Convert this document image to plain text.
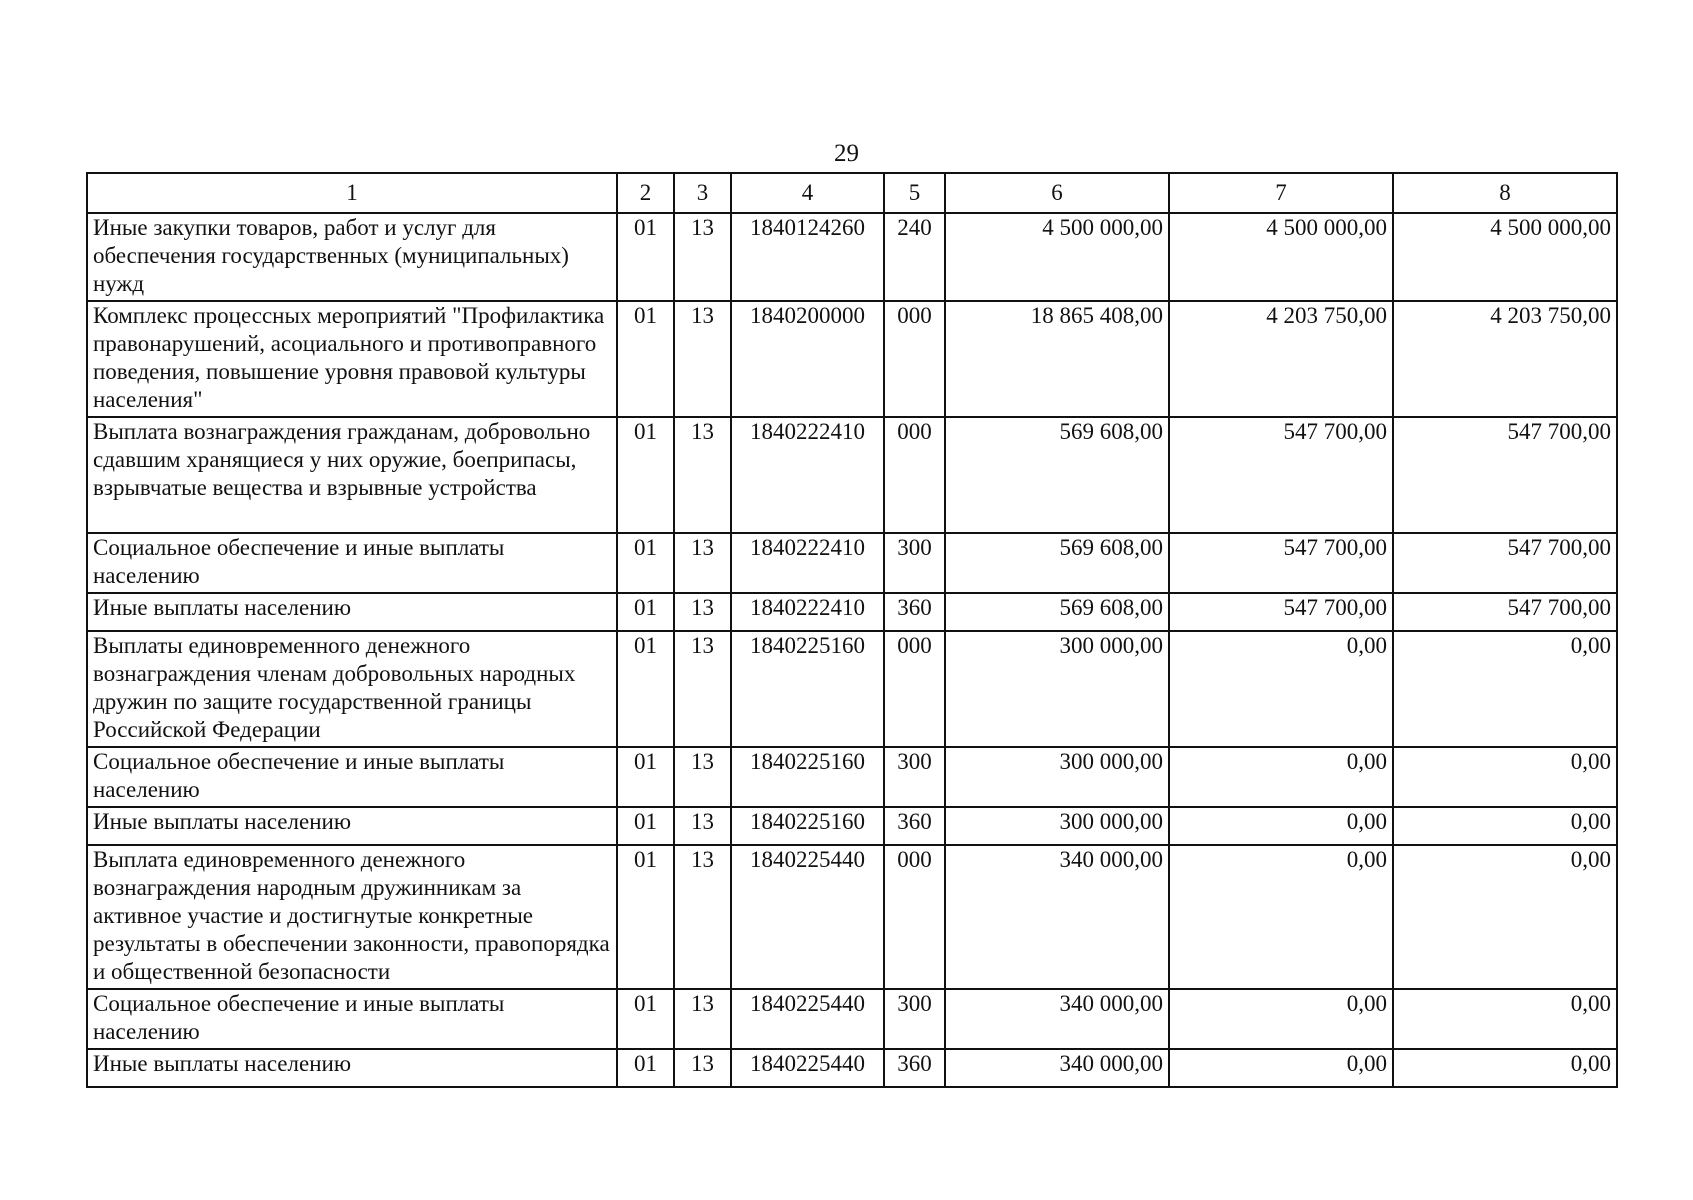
29
1	2	3	4	5	6	7	8
Иные закупки товаров, работ и услуг для обеспечения государственных (муниципальных) нужд	01	13	1840124260	240	4 500 000,00	4 500 000,00	4 500 000,00
Комплекс процессных мероприятий "Профилактика правонарушений, асоциального и противоправного поведения, повышение уровня правовой культуры населения"	01	13	1840200000	000	18 865 408,00	4 203 750,00	4 203 750,00
Выплата вознаграждения гражданам, добровольно сдавшим хранящиеся у них оружие, боеприпасы, взрывчатые вещества и взрывные устройства	01	13	1840222410	000	569 608,00	547 700,00	547 700,00
Социальное обеспечение и иные выплаты населению	01	13	1840222410	300	569 608,00	547 700,00	547 700,00
Иные выплаты населению	01	13	1840222410	360	569 608,00	547 700,00	547 700,00
Выплаты единовременного денежного вознаграждения членам добровольных народных дружин по защите государственной границы Российской Федерации	01	13	1840225160	000	300 000,00	0,00	0,00
Социальное обеспечение и иные выплаты населению	01	13	1840225160	300	300 000,00	0,00	0,00
Иные выплаты населению	01	13	1840225160	360	300 000,00	0,00	0,00
Выплата единовременного денежного вознаграждения народным дружинникам за активное участие и достигнутые конкретные результаты в обеспечении законности, правопорядка и общественной безопасности	01	13	1840225440	000	340 000,00	0,00	0,00
Социальное обеспечение и иные выплаты населению	01	13	1840225440	300	340 000,00	0,00	0,00
Иные выплаты населению	01	13	1840225440	360	340 000,00	0,00	0,00
